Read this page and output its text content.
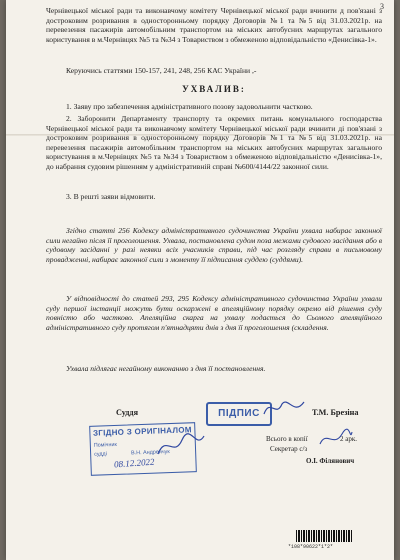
3
Чернівецької міської ради та виконавчому комітету Чернівецької міської ради вчинити д пов'язані з достроковим розривання в односторонньому порядку Договорів №1 та №5 від 31.03.2021р. на перевезення пасажирів автомобільним транспортом на міських автобусних маршрутах загального користування в м.Чернівцях №5 та №34 з Товариством з обмеженою відповідальністю «Денисівка-1».
Керуючись статтями 150-157, 241, 248, 256 КАС України ,-
УХВАЛИВ:
1. Заяву про забезпечення адміністративного позову задовольнити частково.
2. Заборонити Департаменту транспорту та окремих питань комунального господарства Чернівецької міської ради та виконавчому комітету Чернівецької міської ради вчинити ді пов'язані з достроковим розривання в односторонньому порядку Договорів №1 та №5 від 31.03.2021р. на перевезення пасажирів автомобільним транспортом на міських автобусних маршрутах загального користування в м.Чернівцях №5 та №34 з Товариством з обмеженою відповідальністю «Денисівка-1», до набрання судовим рішенням у адміністративній справі №600/4144/22 законної сили.
3. В решті заяви відмовити.
Згідно статті 256 Кодексу адміністративного судочинства України ухвала набирає законної сили негайно після її проголошення. Ухвала, постановлена судом поза межами судового засідання або в судовому засіданні у разі неявки всіх учасників справи, під час розгляду справи в письмовому провадженні, набирає законної сили з моменту її підписання суддею (суддями).
У відповідності до статей 293, 295 Кодексу адміністративного судочинства України ухвали суду першої інстанції можуть бути оскаржені в апеляційному порядку окремо від рішення суду повністю або частково. Апеляційна скарга на ухвалу подається до Сьомого апеляційного адміністративного суду протягом п'ятнадцяти днів з дня її проголошення (складення.
Ухвала підлягає негайному виконанню з дня її постановлення.
Суддя	Т.М. Брезіна
ПІДПИС
ЗГІДНО З ОРИГІНАЛОМ
Помічник
судді	В.Н. Андрейчук
08.12.2022
Всього в копії	2 арк.
Секретар с/з
О.І. Філянович
*108*90622*1*2*
